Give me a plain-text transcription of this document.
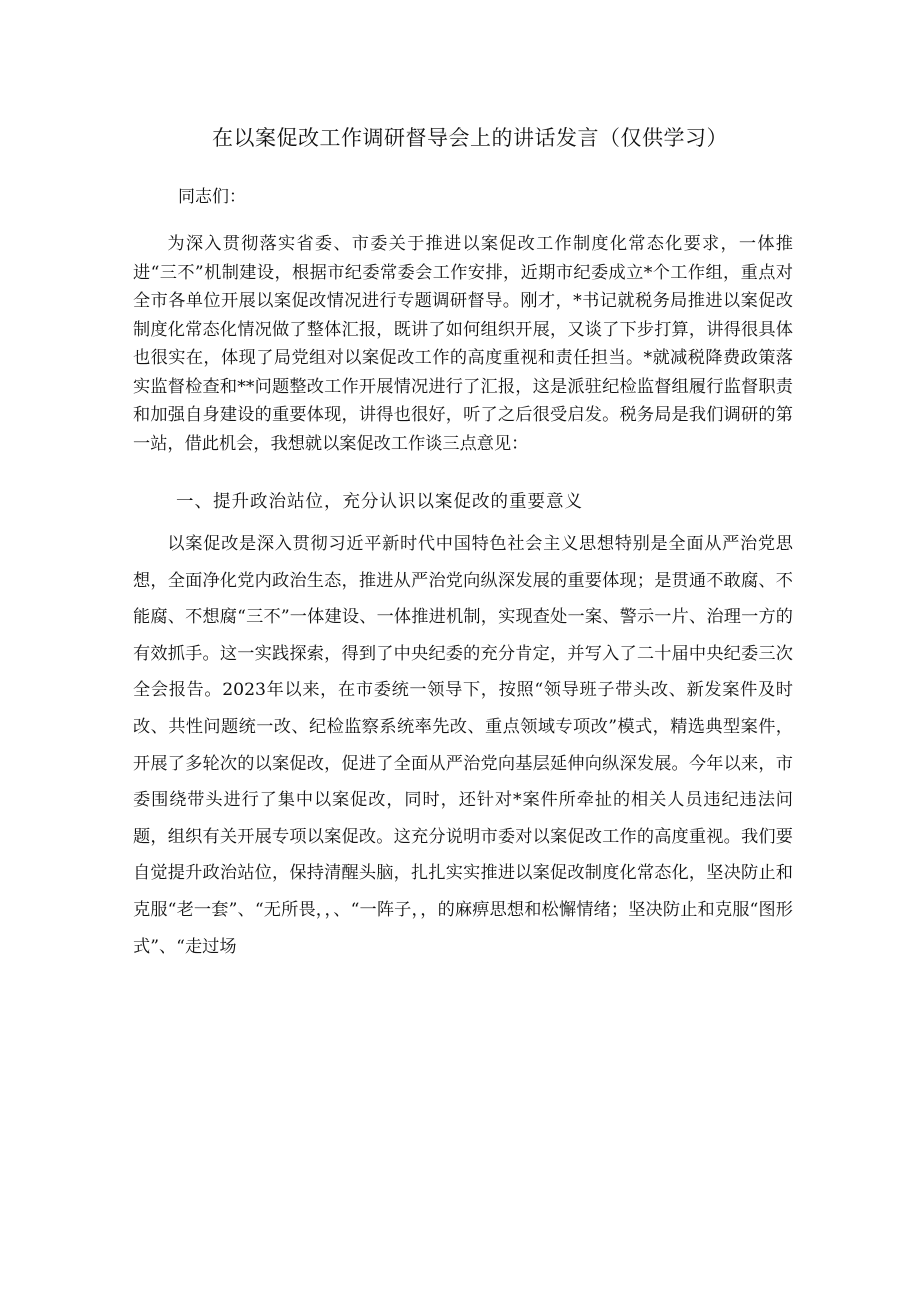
在以案促改工作调研督导会上的讲话发言（仅供学习）
同志们：

为深入贯彻落实省委、市委关于推进以案促改工作制度化常态化要求，一体推进“三不”机制建设，根据市纪委常委会工作安排，近期市纪委成立*个工作组，重点对全市各单位开展以案促改情况进行专题调研督导。刚才，*书记就税务局推进以案促改制度化常态化情况做了整体汇报，既讲了如何组织开展，又谈了下步打算，讲得很具体也很实在，体现了局党组对以案促改工作的高度重视和责任担当。*就减税降费政策落实监督检查和**问题整改工作开展情况进行了汇报，这是派驻纪检监督组履行监督职责和加强自身建设的重要体现，讲得也很好，听了之后很受启发。税务局是我们调研的第一站，借此机会，我想就以案促改工作谈三点意见：

一、提升政治站位，充分认识以案促改的重要意义

以案促改是深入贯彻习近平新时代中国特色社会主义思想特别是全面从严治党思想，全面净化党内政治生态，推进从严治党向纵深发展的重要体现；是贯通不敢腐、不能腐、不想腐“三不”一体建设、一体推进机制，实现查处一案、警示一片、治理一方的有效抓手。这一实践探索，得到了中央纪委的充分肯定，并写入了二十届中央纪委三次全会报告。2023年以来，在市委统一领导下，按照“领导班子带头改、新发案件及时改、共性问题统一改、纪检监察系统率先改、重点领域专项改”模式，精选典型案件，开展了多轮次的以案促改，促进了全面从严治党向基层延伸向纵深发展。今年以来，市委围绕带头进行了集中以案促改，同时，还针对*案件所牵扯的相关人员违纪违法问题，组织有关开展专项以案促改。这充分说明市委对以案促改工作的高度重视。我们要自觉提升政治站位，保持清醒头脑，扎扎实实推进以案促改制度化常态化，坚决防止和克服“老一套”、“无所畏，，、“一阵子，，的麻痹思想和松懈情绪；坚决防止和克服“图形式”、“走过场
